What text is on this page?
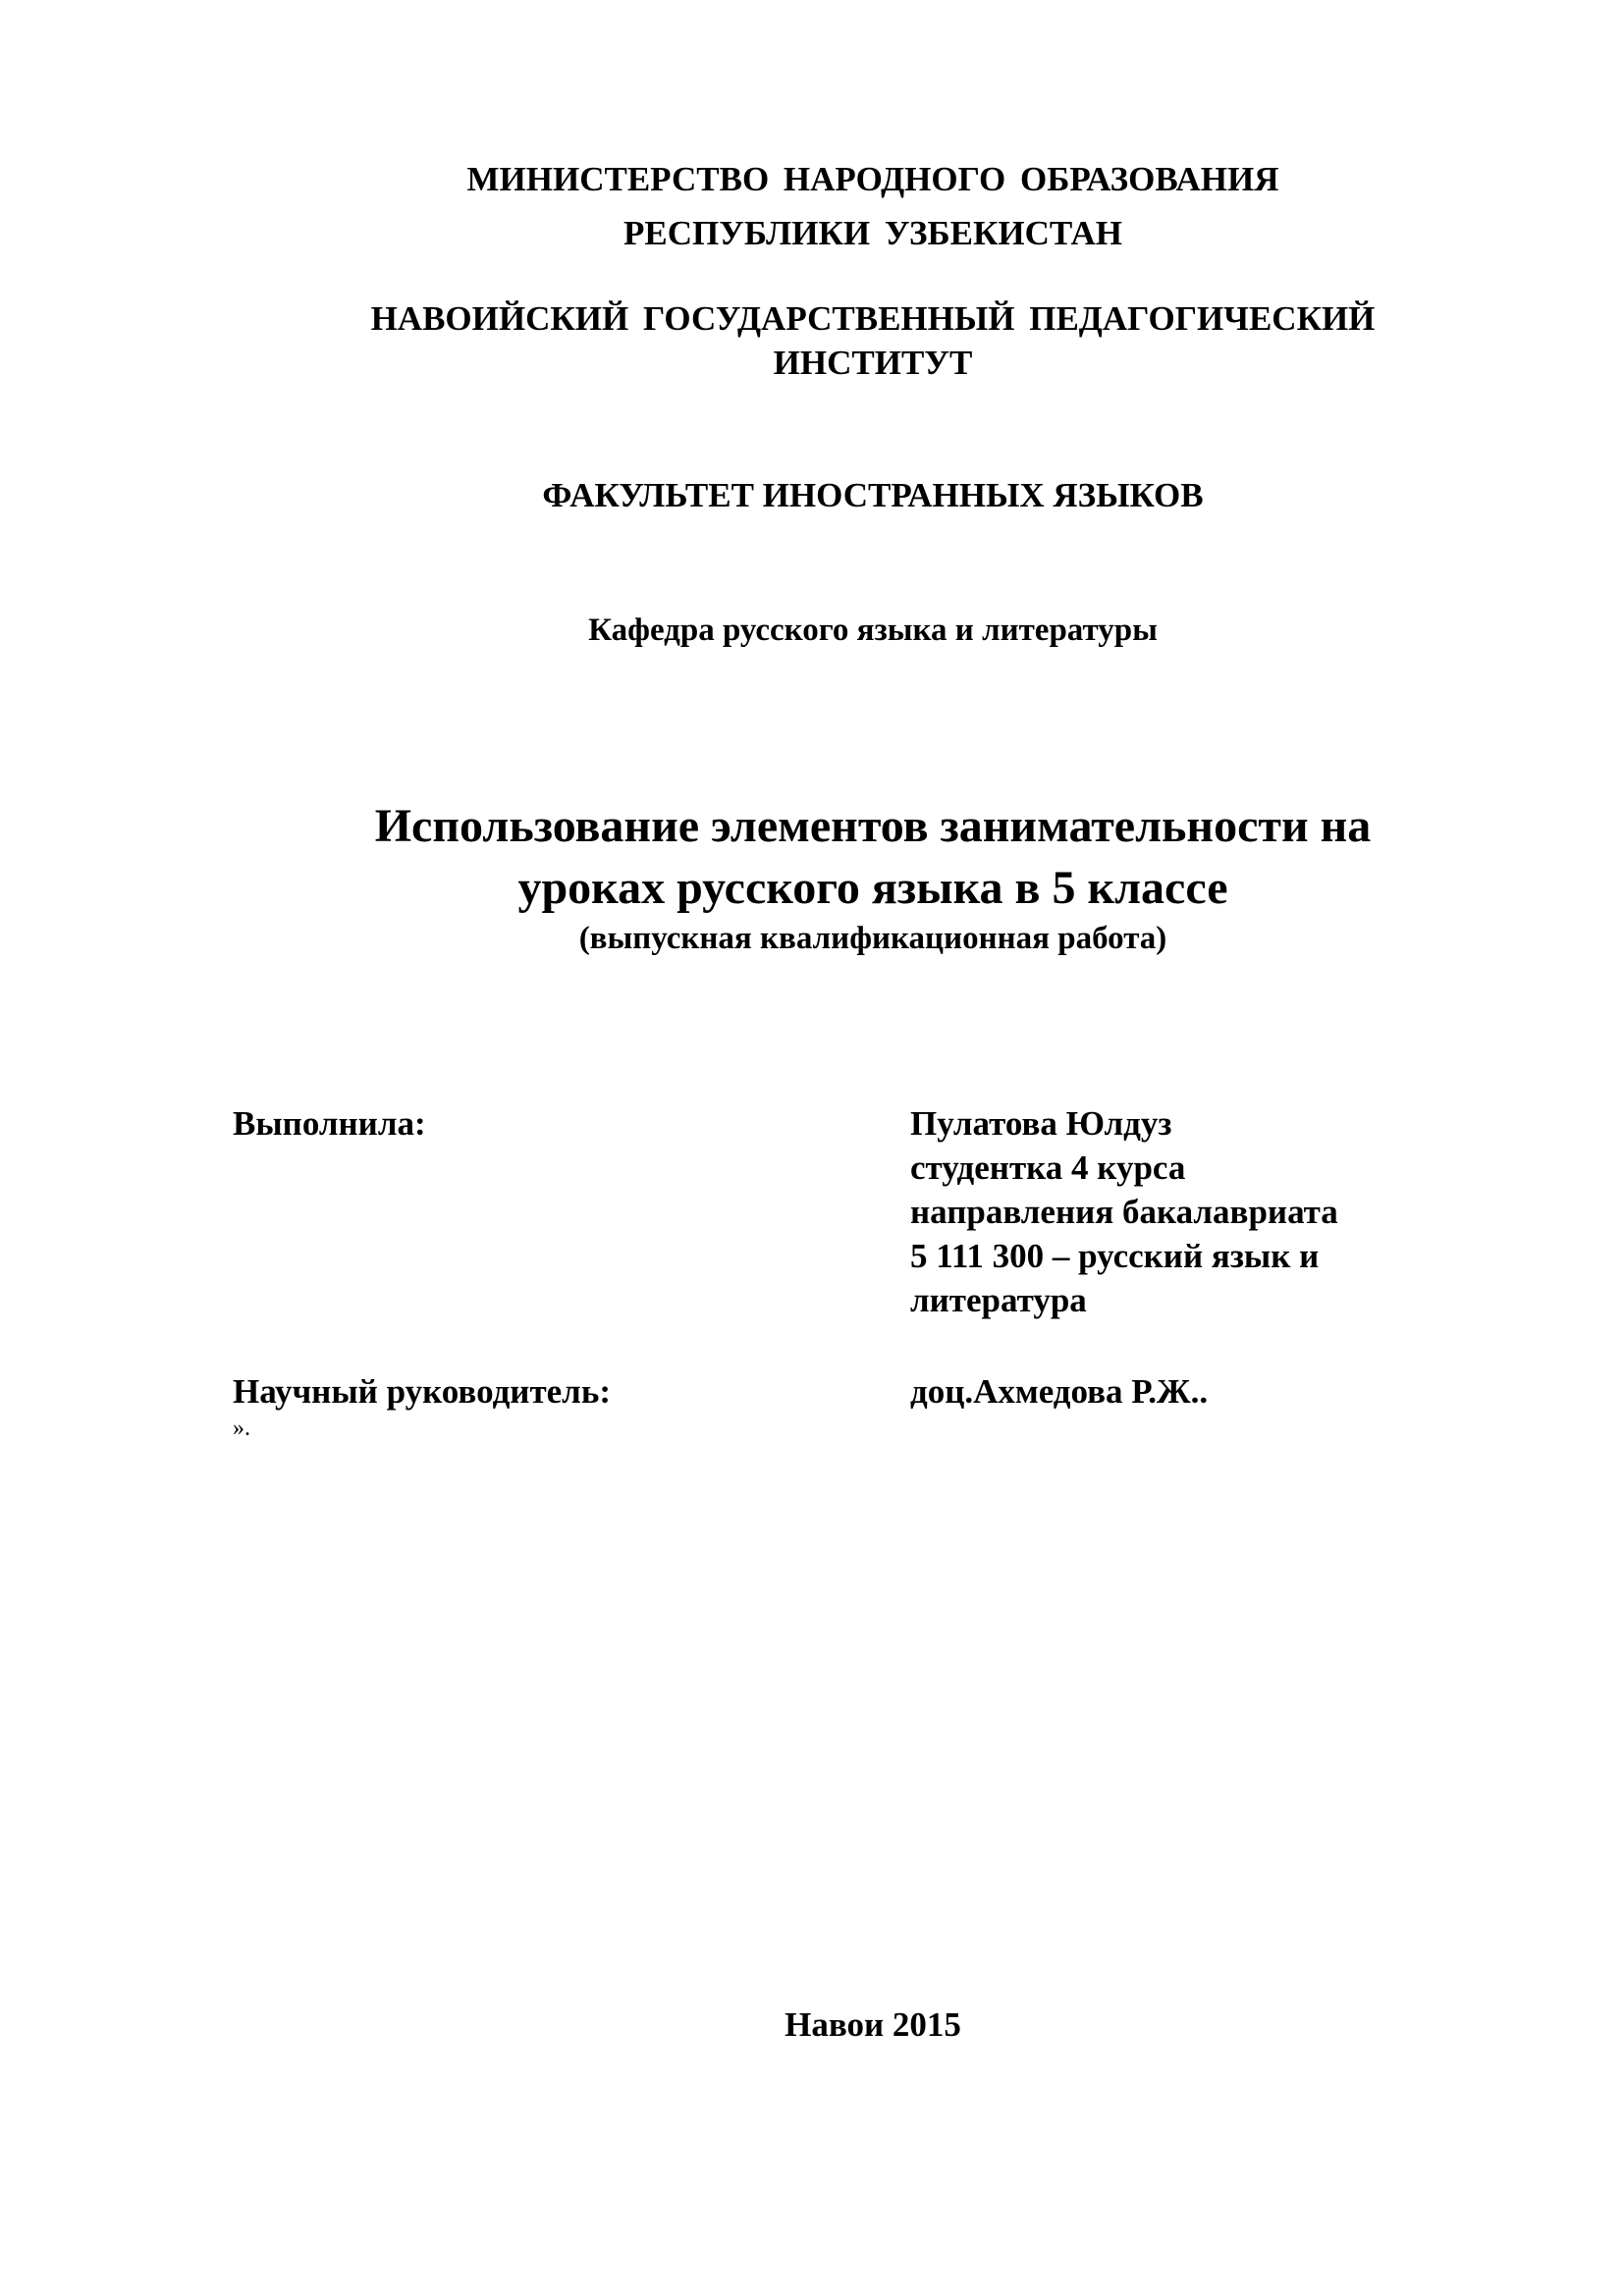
МИНИСТЕРСТВО НАРОДНОГО ОБРАЗОВАНИЯ
РЕСПУБЛИКИ УЗБЕКИСТАН
НАВОИЙСКИЙ ГОСУДАРСТВЕННЫЙ ПЕДАГОГИЧЕСКИЙ
ИНСТИТУТ
ФАКУЛЬТЕТ ИНОСТРАННЫХ ЯЗЫКОВ
Кафедра русского языка и литературы
Использование элементов занимательности на
уроках русского языка в 5 классе
(выпускная квалификационная работа)
Выполнила:	Пулатова Юлдуз
студентка 4 курса
направления бакалавриата
5 111 300 – русский язык и
литература
Научный руководитель:	доц.Ахмедова Р.Ж..
».
Навои 2015
